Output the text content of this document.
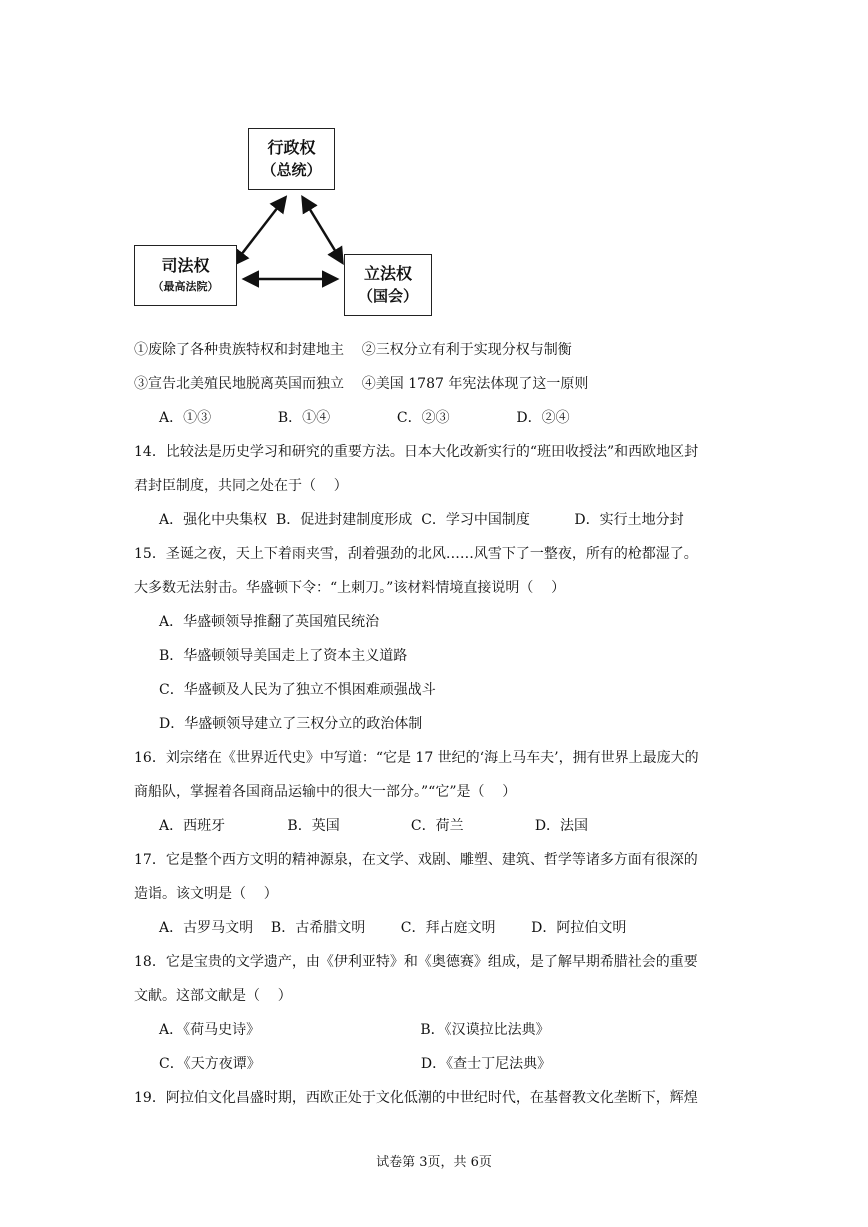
行政权
（总统）
司法权
（最高法院）
立法权
（国会）
①废除了各种贵族特权和封建地主    ②三权分立有利于实现分权与制衡
③宣告北美殖民地脱离英国而独立    ④美国 1787 年宪法体现了这一原则
A．①③               B．①④               C．②③               D．②④
14．比较法是历史学习和研究的重要方法。日本大化改新实行的“班田收授法”和西欧地区封
君封臣制度，共同之处在于（    ）
A．强化中央集权  B．促进封建制度形成  C．学习中国制度          D．实行土地分封
15．圣诞之夜，天上下着雨夹雪，刮着强劲的北风……风雪下了一整夜，所有的枪都湿了。
大多数无法射击。华盛顿下令：“上刺刀。”该材料情境直接说明（    ）
A．华盛顿领导推翻了英国殖民统治
B．华盛顿领导美国走上了资本主义道路
C．华盛顿及人民为了独立不惧困难顽强战斗
D．华盛顿领导建立了三权分立的政治体制
16．刘宗绪在《世界近代史》中写道：“它是 17 世纪的‘海上马车夫’，拥有世界上最庞大的
商船队，掌握着各国商品运输中的很大一部分。”“它”是（    ）
A．西班牙              B．英国                C．荷兰                D．法国
17．它是整个西方文明的精神源泉，在文学、戏剧、雕塑、建筑、哲学等诸多方面有很深的
造诣。该文明是（    ）
A．古罗马文明    B．古希腊文明        C．拜占庭文明        D．阿拉伯文明
18．它是宝贵的文学遗产，由《伊利亚特》和《奥德赛》组成，是了解早期希腊社会的重要
文献。这部文献是（    ）
A．《荷马史诗》                                    B．《汉谟拉比法典》
C．《天方夜谭》                                    D．《查士丁尼法典》
19．阿拉伯文化昌盛时期，西欧正处于文化低潮的中世纪时代，在基督教文化垄断下，辉煌
试卷第 3页，共 6页
